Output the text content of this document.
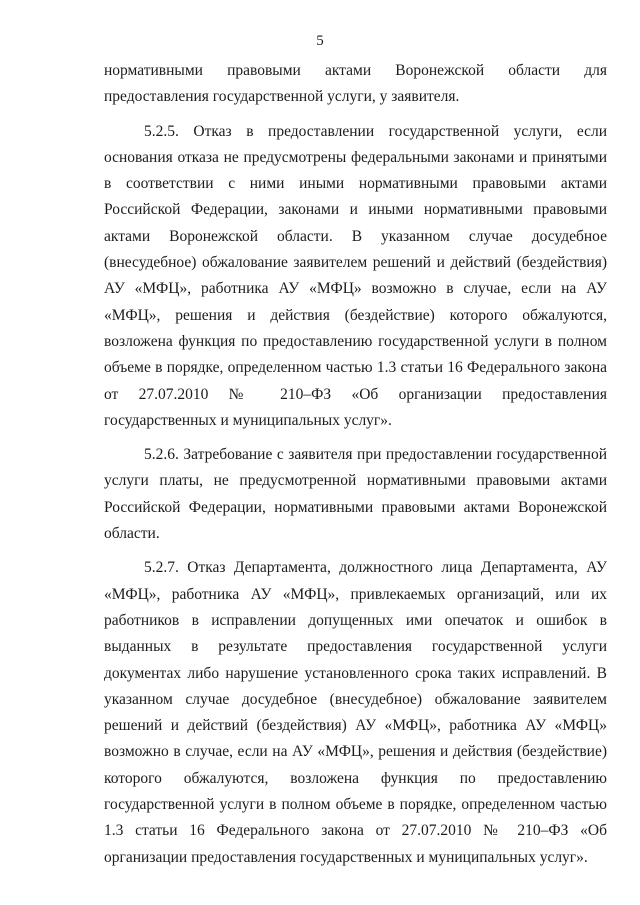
5

нормативными правовыми актами Воронежской области для предоставления государственной услуги, у заявителя.

5.2.5. Отказ в предоставлении государственной услуги, если основания отказа не предусмотрены федеральными законами и принятыми в соответствии с ними иными нормативными правовыми актами Российской Федерации, законами и иными нормативными правовыми актами Воронежской области. В указанном случае досудебное (внесудебное) обжалование заявителем решений и действий (бездействия) АУ «МФЦ», работника АУ «МФЦ» возможно в случае, если на АУ «МФЦ», решения и действия (бездействие) которого обжалуются, возложена функция по предоставлению государственной услуги в полном объеме в порядке, определенном частью 1.3 статьи 16 Федерального закона от 27.07.2010 № 210–ФЗ «Об организации предоставления государственных и муниципальных услуг».

5.2.6. Затребование с заявителя при предоставлении государственной услуги платы, не предусмотренной нормативными правовыми актами Российской Федерации, нормативными правовыми актами Воронежской области.

5.2.7. Отказ Департамента, должностного лица Департамента, АУ «МФЦ», работника АУ «МФЦ», привлекаемых организаций, или их работников в исправлении допущенных ими опечаток и ошибок в выданных в результате предоставления государственной услуги документах либо нарушение установленного срока таких исправлений. В указанном случае досудебное (внесудебное) обжалование заявителем решений и действий (бездействия) АУ «МФЦ», работника АУ «МФЦ» возможно в случае, если на АУ «МФЦ», решения и действия (бездействие) которого обжалуются, возложена функция по предоставлению государственной услуги в полном объеме в порядке, определенном частью 1.3 статьи 16 Федерального закона от 27.07.2010 № 210–ФЗ «Об организации предоставления государственных и муниципальных услуг».
